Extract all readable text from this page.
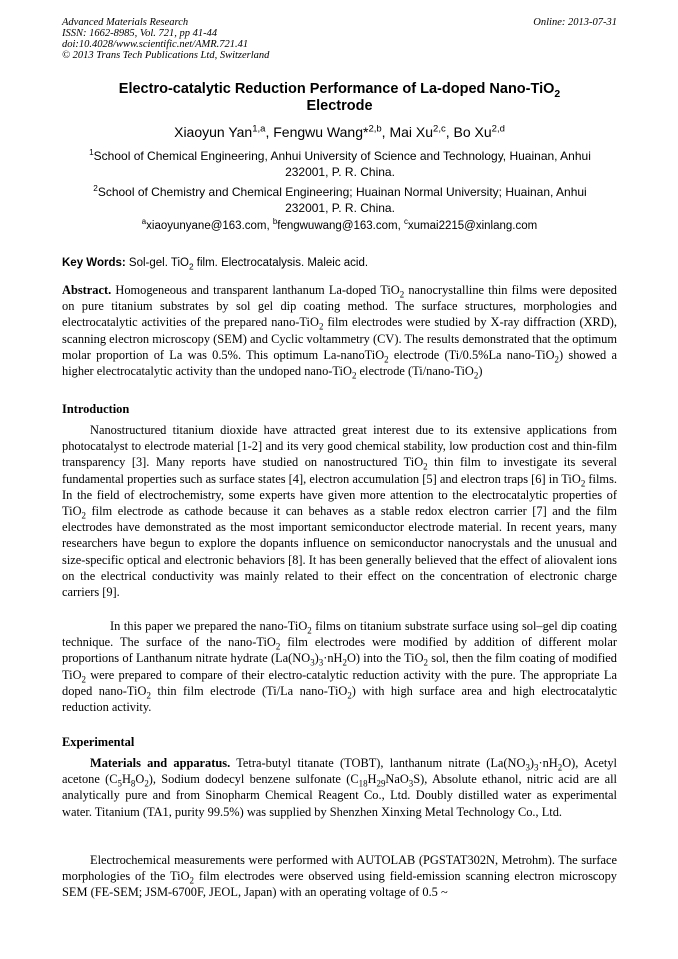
Advanced Materials Research
ISSN: 1662-8985, Vol. 721, pp 41-44
doi:10.4028/www.scientific.net/AMR.721.41
© 2013 Trans Tech Publications Ltd, Switzerland
Online: 2013-07-31
Electro-catalytic Reduction Performance of La-doped Nano-TiO$_2$
Electrode
Xiaoyun Yan$^{1,a}$, Fengwu Wang*$^{2,b}$, Mai Xu$^{2,c}$, Bo Xu$^{2,d}$
$^1$School of Chemical Engineering, Anhui University of Science and Technology, Huainan, Anhui 232001, P. R. China.
$^2$School of Chemistry and Chemical Engineering; Huainan Normal University; Huainan, Anhui 232001, P. R. China.
$^a$xiaoyunyane@163.com, $^b$fengwuwang@163.com, $^c$xumai2215@xinlang.com
Key Words: Sol-gel. TiO$_2$ film. Electrocatalysis. Maleic acid.
Abstract. Homogeneous and transparent lanthanum La-doped TiO$_2$ nanocrystalline thin films were deposited on pure titanium substrates by sol gel dip coating method. The surface structures, morphologies and electrocatalytic activities of the prepared nano-TiO$_2$ film electrodes were studied by X-ray diffraction (XRD), scanning electron microscopy (SEM) and Cyclic voltammetry (CV). The results demonstrated that the optimum molar proportion of La was 0.5%. This optimum La-nanoTiO$_2$ electrode (Ti/0.5%La nano-TiO$_2$) showed a higher electrocatalytic activity than the undoped nano-TiO$_2$ electrode (Ti/nano-TiO$_2$)
Introduction
Nanostructured titanium dioxide have attracted great interest due to its extensive applications from photocatalyst to electrode material [1-2] and its very good chemical stability, low production cost and thin-film transparency [3]. Many reports have studied on nanostructured TiO$_2$ thin film to investigate its several fundamental properties such as surface states [4], electron accumulation [5] and electron traps [6] in TiO$_2$ films. In the field of electrochemistry, some experts have given more attention to the electrocatalytic properties of TiO$_2$ film electrode as cathode because it can behaves as a stable redox electron carrier [7] and the film electrodes have demonstrated as the most important semiconductor electrode material. In recent years, many researchers have begun to explore the dopants influence on semiconductor nanocrystals and the unusual and size-specific optical and electronic behaviors [8]. It has been generally believed that the effect of aliovalent ions on the electrical conductivity was mainly related to their effect on the concentration of electronic charge carriers [9].
In this paper we prepared the nano-TiO$_2$ films on titanium substrate surface using sol–gel dip coating technique. The surface of the nano-TiO$_2$ film electrodes were modified by addition of different molar proportions of Lanthanum nitrate hydrate $(La(NO_3)_3\cdot nH_2O)$ into the TiO$_2$ sol, then the film coating of modified TiO$_2$ were prepared to compare of their electro-catalytic reduction activity with the pure. The appropriate La doped nano-TiO$_2$ thin film electrode (Ti/La nano-TiO$_2$) with high surface area and high electrocatalytic reduction activity.
Experimental
Materials and apparatus. Tetra-butyl titanate (TOBT), lanthanum nitrate $(La(NO_3)_3\cdot nH_2O)$, Acetyl acetone $(C_5H_8O_2)$, Sodium dodecyl benzene sulfonate $(C_{18}H_{29}NaO_3S)$, Absolute ethanol, nitric acid are all analytically pure and from Sinopharm Chemical Reagent Co., Ltd. Doubly distilled water as experimental water. Titanium (TA1, purity 99.5%) was supplied by Shenzhen Xinxing Metal Technology Co., Ltd.
Electrochemical measurements were performed with AUTOLAB (PGSTAT302N, Metrohm). The surface morphologies of the TiO$_2$ film electrodes were observed using field-emission scanning electron microscopy SEM (FE-SEM; JSM-6700F, JEOL, Japan) with an operating voltage of 0.5 ~
